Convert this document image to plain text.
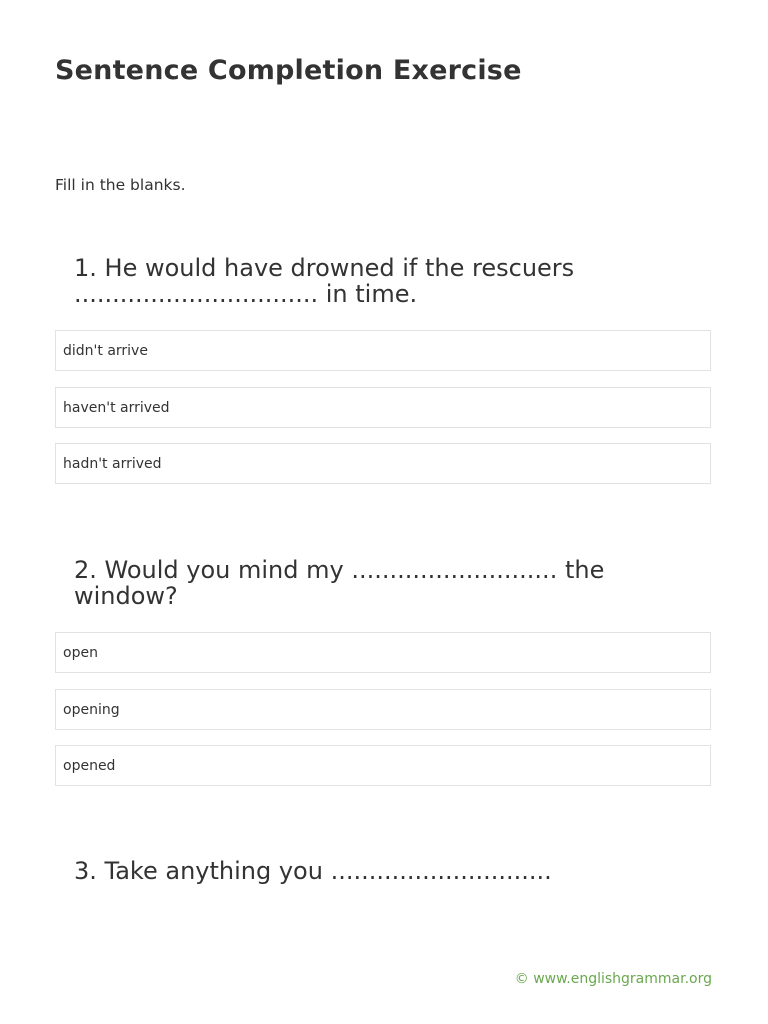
Sentence Completion Exercise

Fill in the blanks.

1. He would have drowned if the rescuers ................................ in time.
didn't arrive
haven't arrived
hadn't arrived
2. Would you mind my ........................... the window?
open
opening
opened
3. Take anything you .............................
© www.englishgrammar.org
